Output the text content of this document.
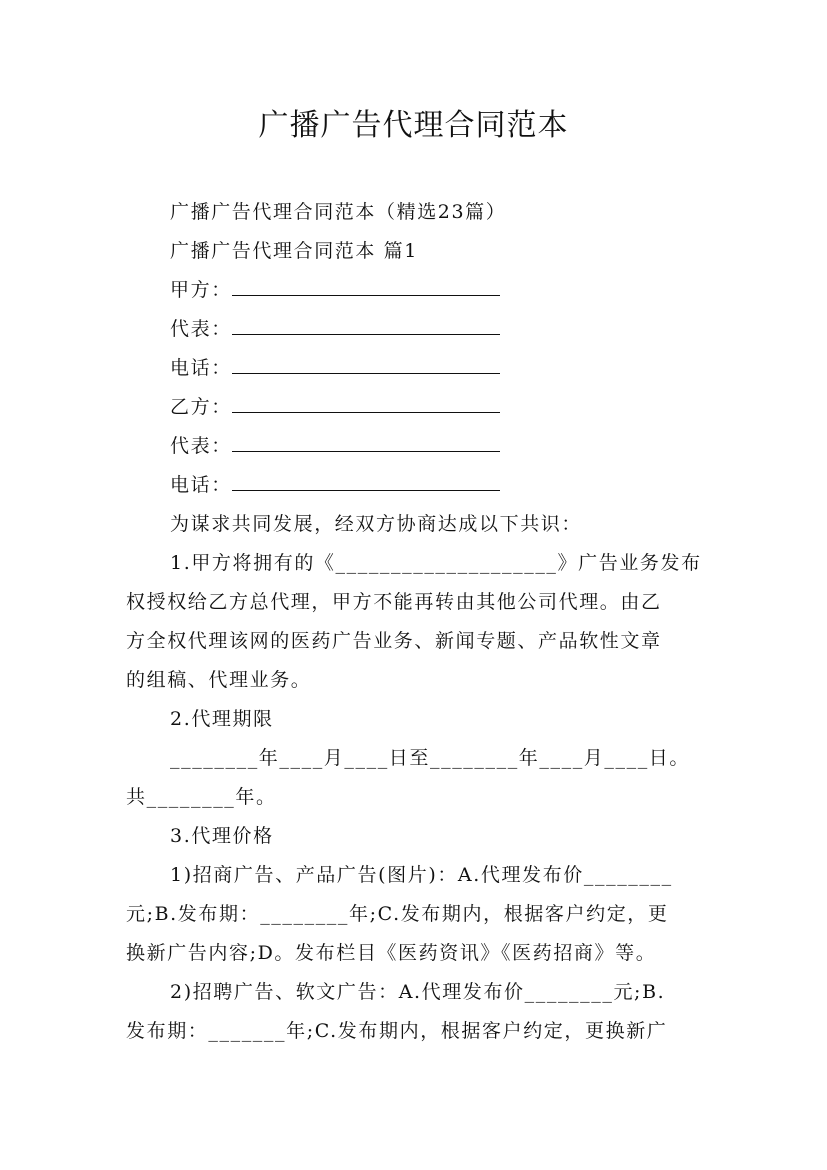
广播广告代理合同范本
广播广告代理合同范本（精选23篇）
广播广告代理合同范本 篇1
甲方：
代表：
电话：
乙方：
代表：
电话：
为谋求共同发展，经双方协商达成以下共识：
1.甲方将拥有的《____________________》广告业务发布
权授权给乙方总代理，甲方不能再转由其他公司代理。由乙
方全权代理该网的医药广告业务、新闻专题、产品软性文章
的组稿、代理业务。
2.代理期限
________年____月____日至________年____月____日。
共________年。
3.代理价格
1)招商广告、产品广告(图片)：A.代理发布价________
元;B.发布期：________年;C.发布期内，根据客户约定，更
换新广告内容;D。发布栏目《医药资讯》《医药招商》等。
2)招聘广告、软文广告：A.代理发布价________元;B.
发布期：_______年;C.发布期内，根据客户约定，更换新广
